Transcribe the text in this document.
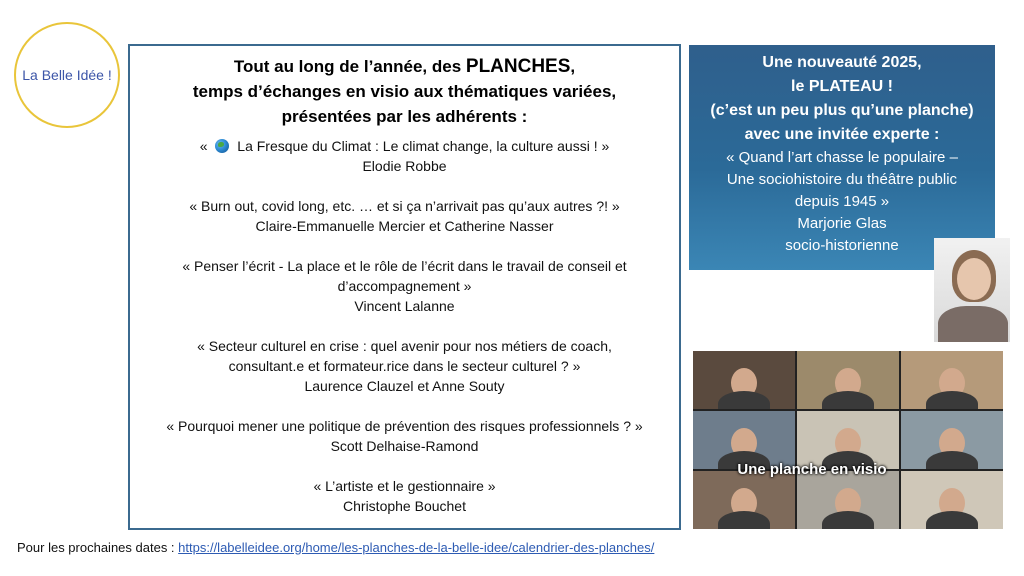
La Belle Idée !	Tout au long de l’année, des PLANCHES,
temps d’échanges en visio aux thématiques variées,
présentées par les adhérents :
«  La Fresque du Climat : Le climat change, la culture aussi ! »
Elodie Robbe
« Burn out, covid long, etc. … et si ça n’arrivait pas qu’aux autres ?! »
Claire-Emmanuelle Mercier et Catherine Nasser
« Penser l’écrit - La place et le rôle de l’écrit dans le travail de conseil et
d’accompagnement »
Vincent Lalanne
« Secteur culturel en crise : quel avenir pour nos métiers de coach,
consultant.e et formateur.rice dans le secteur culturel ? »
Laurence Clauzel et Anne Souty
« Pourquoi mener une politique de prévention des risques professionnels ? »
Scott Delhaise-Ramond
« L’artiste et le gestionnaire »
Christophe Bouchet
Une nouveauté 2025,
le PLATEAU !
(c’est un peu plus qu’une planche)
avec une invitée experte :
« Quand l’art chasse le populaire –
Une sociohistoire du théâtre public
depuis 1945 »
Marjorie Glas
socio-historienne
Une planche en visio
Pour les prochaines dates : https://labelleidee.org/home/les-planches-de-la-belle-idee/calendrier-des-planches/
